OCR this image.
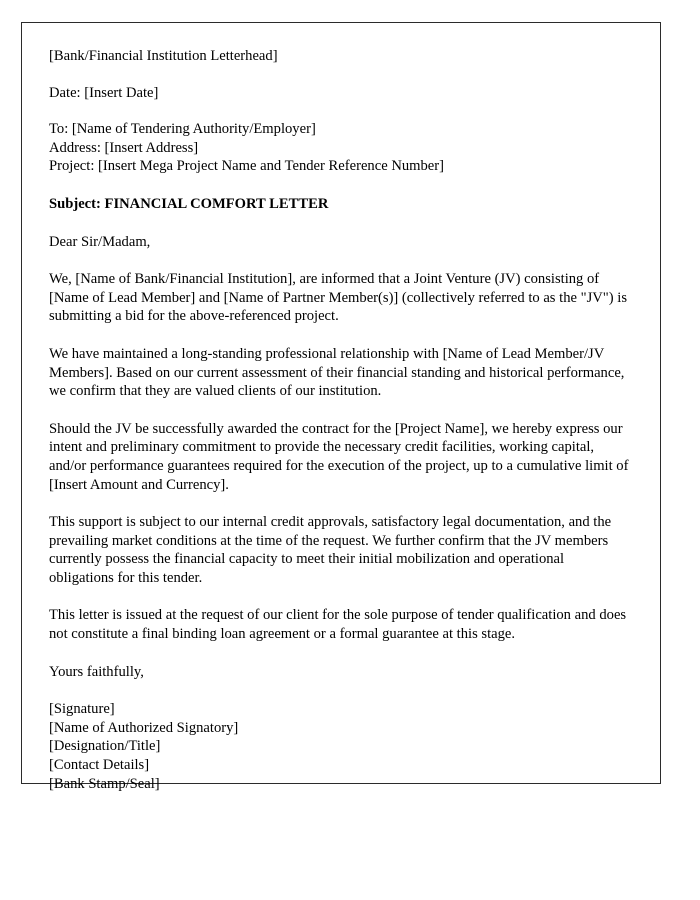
[Bank/Financial Institution Letterhead]
Date: [Insert Date]
To: [Name of Tendering Authority/Employer]
Address: [Insert Address]
Project: [Insert Mega Project Name and Tender Reference Number]
Subject: FINANCIAL COMFORT LETTER
Dear Sir/Madam,

We, [Name of Bank/Financial Institution], are informed that a Joint Venture (JV) consisting of [Name of Lead Member] and [Name of Partner Member(s)] (collectively referred to as the "JV") is submitting a bid for the above-referenced project.

We have maintained a long-standing professional relationship with [Name of Lead Member/JV Members]. Based on our current assessment of their financial standing and historical performance, we confirm that they are valued clients of our institution.

Should the JV be successfully awarded the contract for the [Project Name], we hereby express our intent and preliminary commitment to provide the necessary credit facilities, working capital, and/or performance guarantees required for the execution of the project, up to a cumulative limit of [Insert Amount and Currency].

This support is subject to our internal credit approvals, satisfactory legal documentation, and the prevailing market conditions at the time of the request. We further confirm that the JV members currently possess the financial capacity to meet their initial mobilization and operational obligations for this tender.

This letter is issued at the request of our client for the sole purpose of tender qualification and does not constitute a final binding loan agreement or a formal guarantee at this stage.

Yours faithfully,
[Signature]
[Name of Authorized Signatory]
[Designation/Title]
[Contact Details]
[Bank Stamp/Seal]
